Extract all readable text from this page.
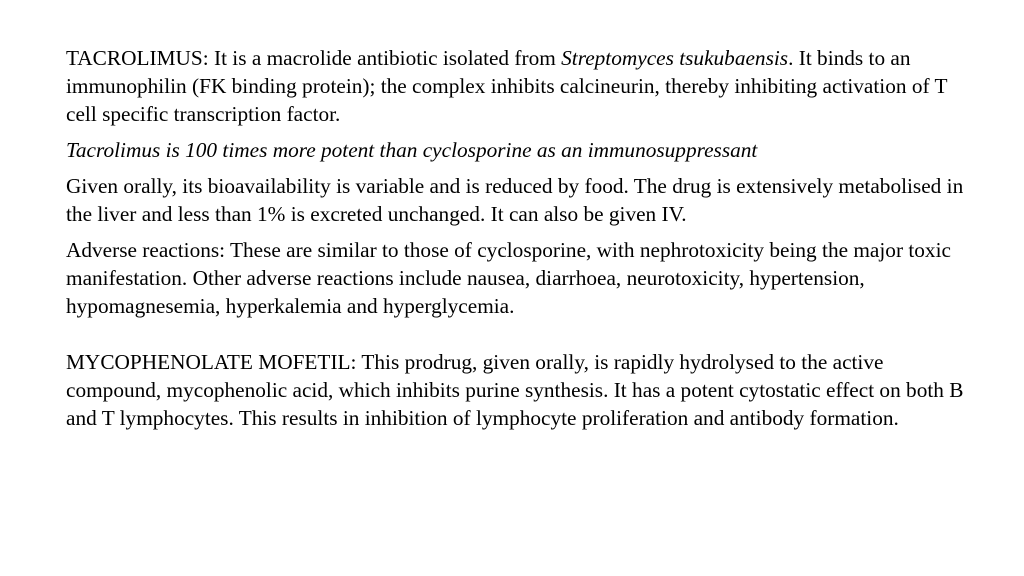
TACROLIMUS: It is a macrolide antibiotic isolated from Streptomyces tsukubaensis. It binds to an immunophilin (FK binding protein); the complex inhibits calcineurin, thereby inhibiting activation of T cell specific transcription factor.

Tacrolimus is 100 times more potent than cyclosporine as an immunosuppressant

Given orally, its bioavailability is variable and is reduced by food. The drug is extensively metabolised in the liver and less than 1% is excreted unchanged. It can also be given IV.

Adverse reactions: These are similar to those of cyclosporine, with nephrotoxicity being the major toxic manifestation. Other adverse reactions include nausea, diarrhoea, neurotoxicity, hypertension, hypomagnesemia, hyperkalemia and hyperglycemia.

MYCOPHENOLATE MOFETIL: This prodrug, given orally, is rapidly hydrolysed to the active compound, mycophenolic acid, which inhibits purine synthesis. It has a potent cytostatic effect on both B and T lymphocytes. This results in inhibition of lymphocyte proliferation and antibody formation.
